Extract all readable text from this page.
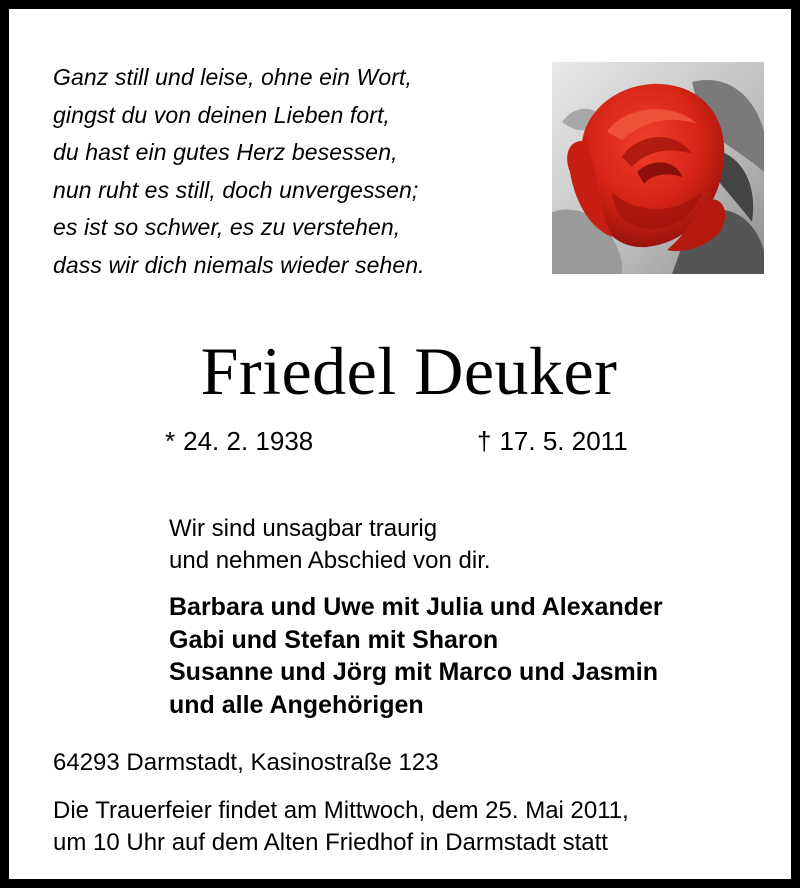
Ganz still und leise, ohne ein Wort,
gingst du von deinen Lieben fort,
du hast ein gutes Herz besessen,
nun ruht es still, doch unvergessen;
es ist so schwer, es zu verstehen,
dass wir dich niemals wieder sehen.
Friedel Deuker
* 24. 2. 1938	† 17. 5. 2011
Wir sind unsagbar traurig
und nehmen Abschied von dir.
Barbara und Uwe mit Julia und Alexander
Gabi und Stefan mit Sharon
Susanne und Jörg mit Marco und Jasmin
und alle Angehörigen
64293 Darmstadt, Kasinostraße 123
Die Trauerfeier findet am Mittwoch, dem 25. Mai 2011,
um 10 Uhr auf dem Alten Friedhof in Darmstadt statt
